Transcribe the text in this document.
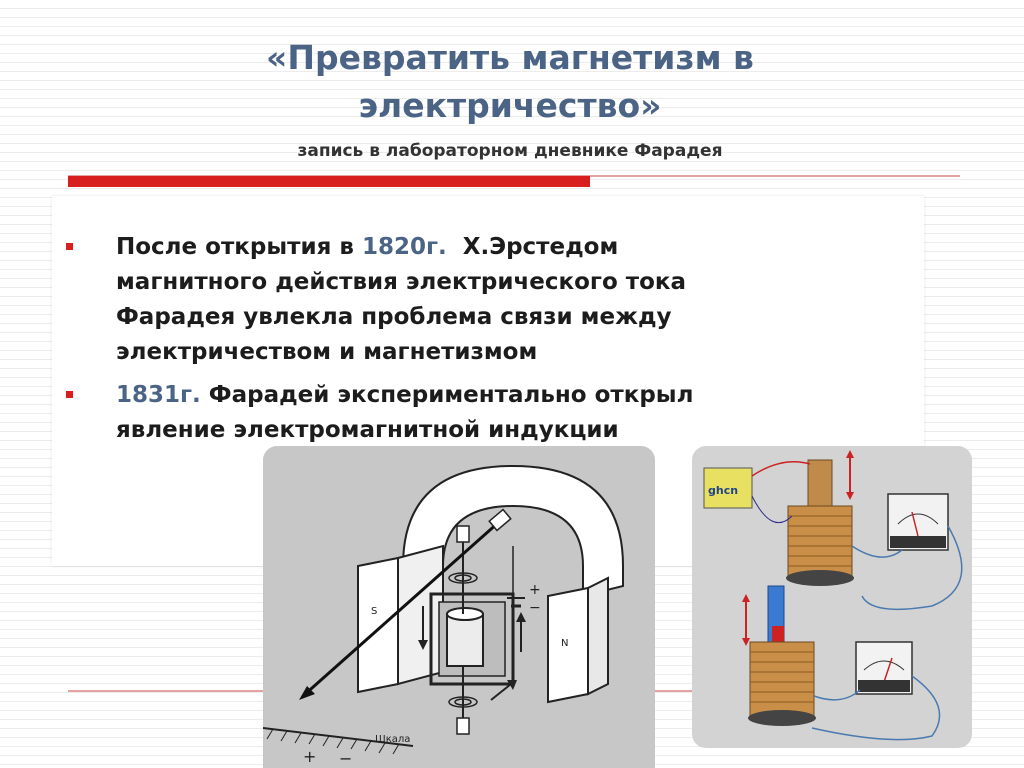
«Превратить магнетизм в
электричество»
запись в лабораторном дневнике Фарадея
После открытия в 1820г.  Х.Эрстедом
магнитного действия электрического тока
Фарадея увлекла проблема связи между
электричеством и магнетизмом
1831г. Фарадей экспериментально открыл
явление электромагнитной индукции
S
N
+
−
+ −
Шкала
ghcn
